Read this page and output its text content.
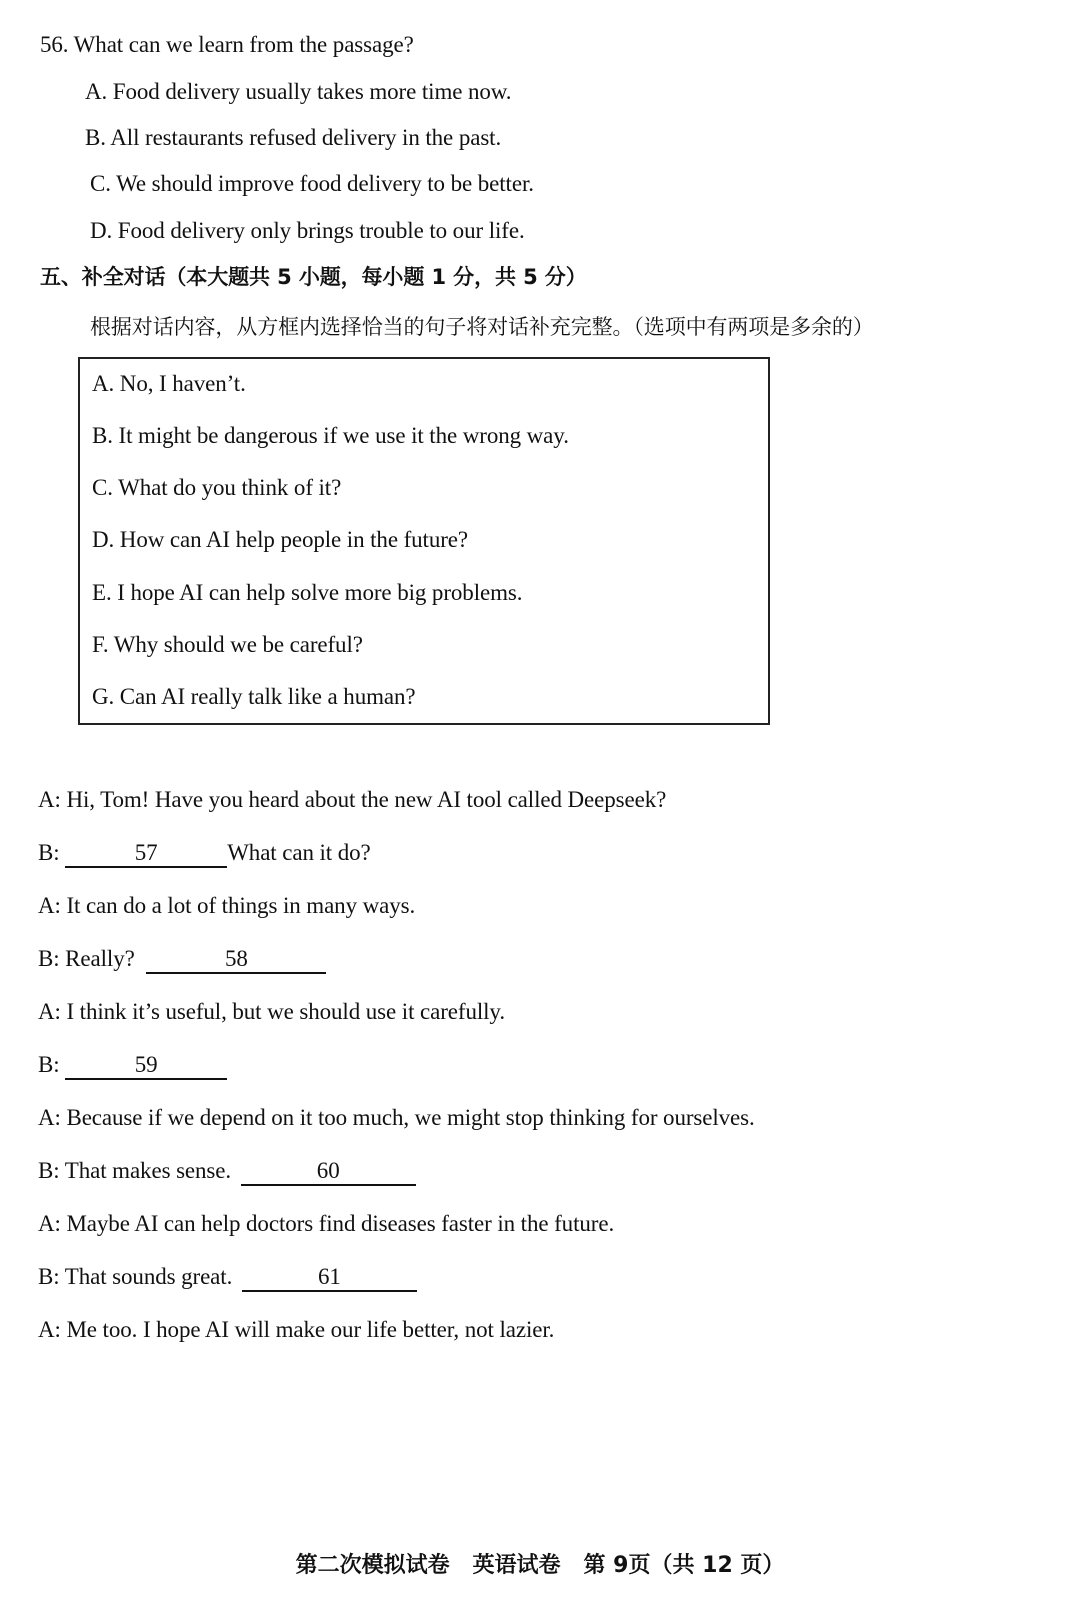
56. What can we learn from the passage?
A. Food delivery usually takes more time now.
B. All restaurants refused delivery in the past.
C. We should improve food delivery to be better.
D. Food delivery only brings trouble to our life.
五、补全对话（本大题共 5 小题，每小题 1 分，共 5 分）
根据对话内容，从方框内选择恰当的句子将对话补充完整。（选项中有两项是多余的）
A. No, I haven’t.
B. It might be dangerous if we use it the wrong way.
C. What do you think of it?
D. How can AI help people in the future?
E. I hope AI can help solve more big problems.
F. Why should we be careful?
G. Can AI really talk like a human?
A: Hi, Tom! Have you heard about the new AI tool called Deepseek?
B:	57	What can it do?
A: It can do a lot of things in many ways.
B: Really?	58
A: I think it’s useful, but we should use it carefully.
B:	59
A: Because if we depend on it too much, we might stop thinking for ourselves.
B: That makes sense.	60
A: Maybe AI can help doctors find diseases faster in the future.
B: That sounds great.	61
A: Me too. I hope AI will make our life better, not lazier.
第二次模拟试卷   英语试卷   第 9页（共 12 页）
